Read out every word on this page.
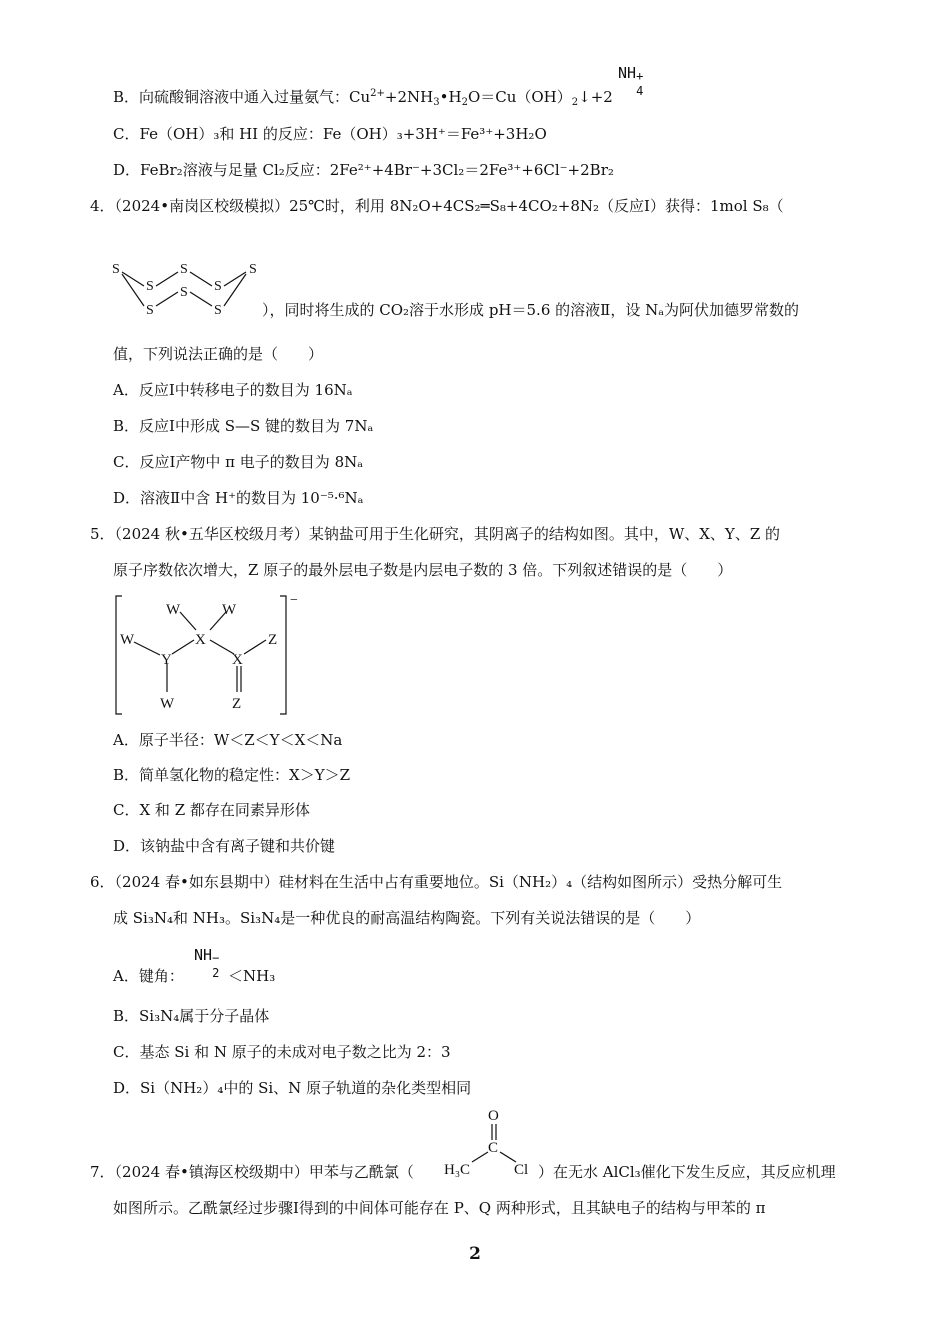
B．向硫酸铜溶液中通入过量氨气：$Cu^{2+}+2NH_3•H_2O=Cu(OH)_2↓+2$
NH +
4
C．Fe（OH）₃和 HI 的反应：Fe（OH）₃+3H⁺＝Fe³⁺+3H₂O
D．FeBr₂溶液与足量 Cl₂反应：2Fe²⁺+4Br⁻+3Cl₂＝2Fe³⁺+6Cl⁻+2Br₂
4．（2024•南岗区校级模拟）25℃时，利用 8N₂O+4CS₂═S₈+4CO₂+8N₂（反应Ⅰ）获得：1mol S₈（
S
S
S
S
S S
S
S
），同时将生成的 CO₂溶于水形成 pH＝5.6 的溶液Ⅱ，设 Nₐ为阿伏加德罗常数的
值，下列说法正确的是（　　）
A．反应Ⅰ中转移电子的数目为 16Nₐ
B．反应Ⅰ中形成 S—S 键的数目为 7Nₐ
C．反应Ⅰ产物中 π 电子的数目为 8Nₐ
D．溶液Ⅱ中含 H⁺的数目为 10⁻⁵·⁶Nₐ
5．（2024 秋•五华区校级月考）某钠盐可用于生化研究，其阴离子的结构如图。其中，W、X、Y、Z 的
原子序数依次增大，Z 原子的最外层电子数是内层电子数的 3 倍。下列叙述错误的是（　　）
−
W	W
W	X	Z
Y	X
W	Z
A．原子半径：W＜Z＜Y＜X＜Na
B．简单氢化物的稳定性：X＞Y＞Z
C．X 和 Z 都存在同素异形体
D．该钠盐中含有离子键和共价键
6．（2024 春•如东县期中）硅材料在生活中占有重要地位。Si（NH₂）₄（结构如图所示）受热分解可生
成 Si₃N₄和 NH₃。Si₃N₄是一种优良的耐高温结构陶瓷。下列有关说法错误的是（　　）
A．键角：
NH −
2 ＜NH₃
B．Si₃N₄属于分子晶体
C．基态 Si 和 N 原子的未成对电子数之比为 2：3
D．Si（NH₂）₄中的 Si、N 原子轨道的杂化类型相同
7．（2024 春•镇海区校级期中）甲苯与乙酰氯（
O
C
H₃C	Cl ）在无水 AlCl₃催化下发生反应，其反应机理
如图所示。乙酰氯经过步骤Ⅰ得到的中间体可能存在 P、Q 两种形式，且其缺电子的结构与甲苯的 π
2
